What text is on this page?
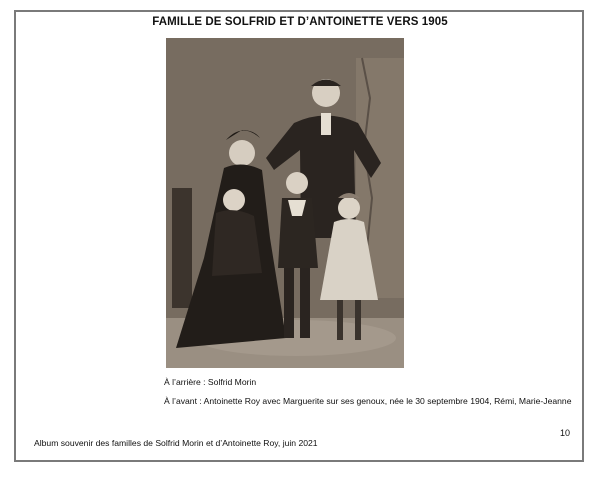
FAMILLE DE SOLFRID ET D’ANTOINETTE VERS 1905
À l’arrière : Solfrid Morin
À l’avant : Antoinette Roy avec Marguerite sur ses genoux, née le 30 septembre 1904, Rémi, Marie-Jeanne
10
Album souvenir des familles de Solfrid Morin et d’Antoinette Roy, juin 2021
